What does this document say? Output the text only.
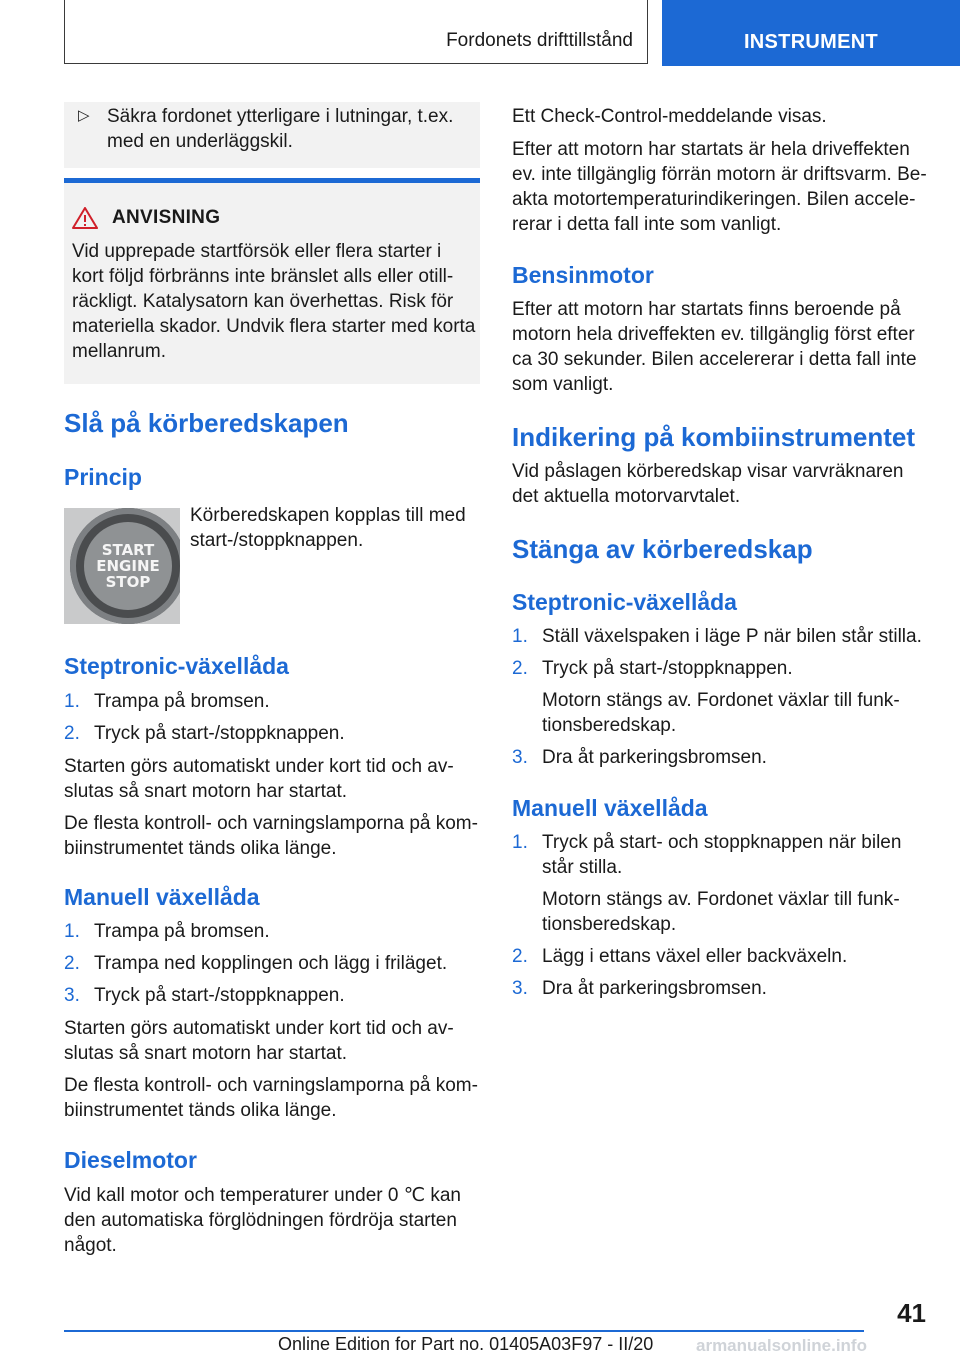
Fordonets drifttillstånd	INSTRUMENT
▷ Säkra fordonet ytterligare i lutningar, t.ex. med en underläggskil.
ANVISNING
Vid upprepade startförsök eller flera starter i kort följd förbränns inte bränslet alls eller otillräckligt. Katalysatorn kan överhettas. Risk för materiella skador. Undvik flera starter med korta mellanrum.
Slå på körberedskapen
Princip
Körberedskapen kopplas till med start-/stoppknappen.
START
ENGINE
STOP
Steptronic-växellåda
1. Trampa på bromsen.
2. Tryck på start-/stoppknappen.
Starten görs automatiskt under kort tid och avslutas så snart motorn har startat.
De flesta kontroll- och varningslamporna på kombiinstrumentet tänds olika länge.
Manuell växellåda
1. Trampa på bromsen.
2. Trampa ned kopplingen och lägg i friläget.
3. Tryck på start-/stoppknappen.
Starten görs automatiskt under kort tid och avslutas så snart motorn har startat.
De flesta kontroll- och varningslamporna på kombiinstrumentet tänds olika länge.
Dieselmotor
Vid kall motor och temperaturer under 0 ℃ kan den automatiska förglödningen fördröja starten något.
Ett Check-Control-meddelande visas.
Efter att motorn har startats är hela driveffekten ev. inte tillgänglig förrän motorn är driftsvarm. Beakta motortemperaturindikeringen. Bilen accelererar i detta fall inte som vanligt.
Bensinmotor
Efter att motorn har startats finns beroende på motorn hela driveffekten ev. tillgänglig först efter ca 30 sekunder. Bilen accelererar i detta fall inte som vanligt.
Indikering på kombiinstrumentet
Vid påslagen körberedskap visar varvräknaren det aktuella motorvarvtalet.
Stänga av körberedskap
Steptronic-växellåda
1. Ställ växelspaken i läge P när bilen står stilla.
2. Tryck på start-/stoppknappen.
Motorn stängs av. Fordonet växlar till funktionsberedskap.
3. Dra åt parkeringsbromsen.
Manuell växellåda
1. Tryck på start- och stoppknappen när bilen står stilla.
Motorn stängs av. Fordonet växlar till funktionsberedskap.
2. Lägg i ettans växel eller backväxeln.
3. Dra åt parkeringsbromsen.
41
Online Edition for Part no. 01405A03F97 - II/20	armanualsonline.info
